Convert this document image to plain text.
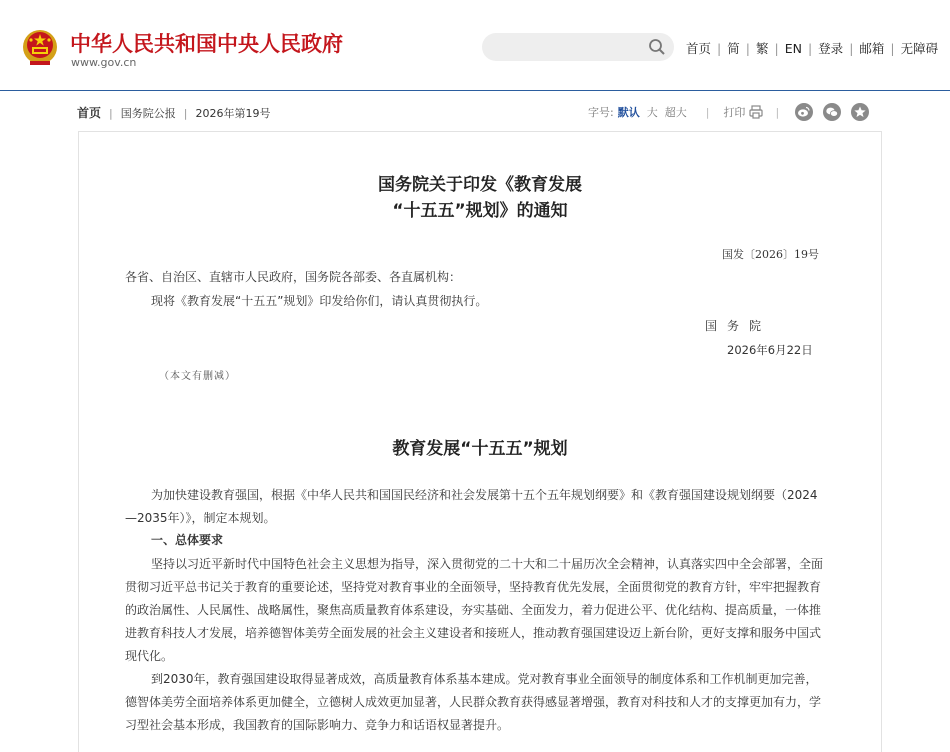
中华人民共和国中央人民政府
www.gov.cn
首页 | 简 | 繁 | EN | 登录 | 邮箱 | 无障碍
首页 | 国务院公报 | 2026年第19号	字号: 默认 大 超大 | 打印	|
国务院关于印发《教育发展
“十五五”规划》的通知
国发〔2026〕19号
各省、自治区、直辖市人民政府，国务院各部委、各直属机构：
现将《教育发展“十五五”规划》印发给你们，请认真贯彻执行。
国务院
2026年6月22日
（本文有删减）
教育发展“十五五”规划
为加快建设教育强国，根据《中华人民共和国国民经济和社会发展第十五个五年规划纲要》和《教育强国建设规划纲要（2024—2035年）》，制定本规划。
一、总体要求
坚持以习近平新时代中国特色社会主义思想为指导，深入贯彻党的二十大和二十届历次全会精神，认真落实四中全会部署，全面贯彻习近平总书记关于教育的重要论述，坚持党对教育事业的全面领导，坚持教育优先发展，全面贯彻党的教育方针，牢牢把握教育的政治属性、人民属性、战略属性，聚焦高质量教育体系建设，夯实基础、全面发力，着力促进公平、优化结构、提高质量，一体推进教育科技人才发展，培养德智体美劳全面发展的社会主义建设者和接班人，推动教育强国建设迈上新台阶，更好支撑和服务中国式现代化。
到2030年，教育强国建设取得显著成效，高质量教育体系基本建成。党对教育事业全面领导的制度体系和工作机制更加完善，德智体美劳全面培养体系更加健全，立德树人成效更加显著，人民群众教育获得感显著增强，教育对科技和人才的支撑更加有力，学习型社会基本形成，我国教育的国际影响力、竞争力和话语权显著提升。
